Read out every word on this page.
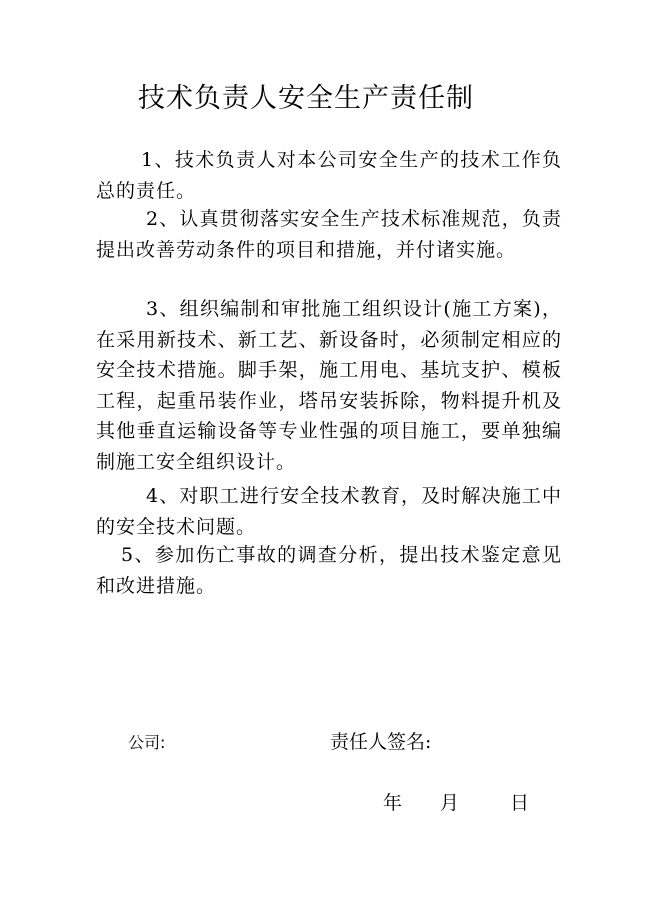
技术负责人安全生产责任制

1、技术负责人对本公司安全生产的技术工作负总的责任。

2、认真贯彻落实安全生产技术标准规范，负责提出改善劳动条件的项目和措施，并付诸实施。

3、组织编制和审批施工组织设计(施工方案)，在采用新技术、新工艺、新设备时，必须制定相应的安全技术措施。脚手架，施工用电、基坑支护、模板工程，起重吊装作业，塔吊安装拆除，物料提升机及其他垂直运输设备等专业性强的项目施工，要单独编制施工安全组织设计。

4、对职工进行安全技术教育，及时解决施工中的安全技术问题。

5、参加伤亡事故的调查分析，提出技术鉴定意见和改进措施。

公司:	责任人签名:
年 月	日
